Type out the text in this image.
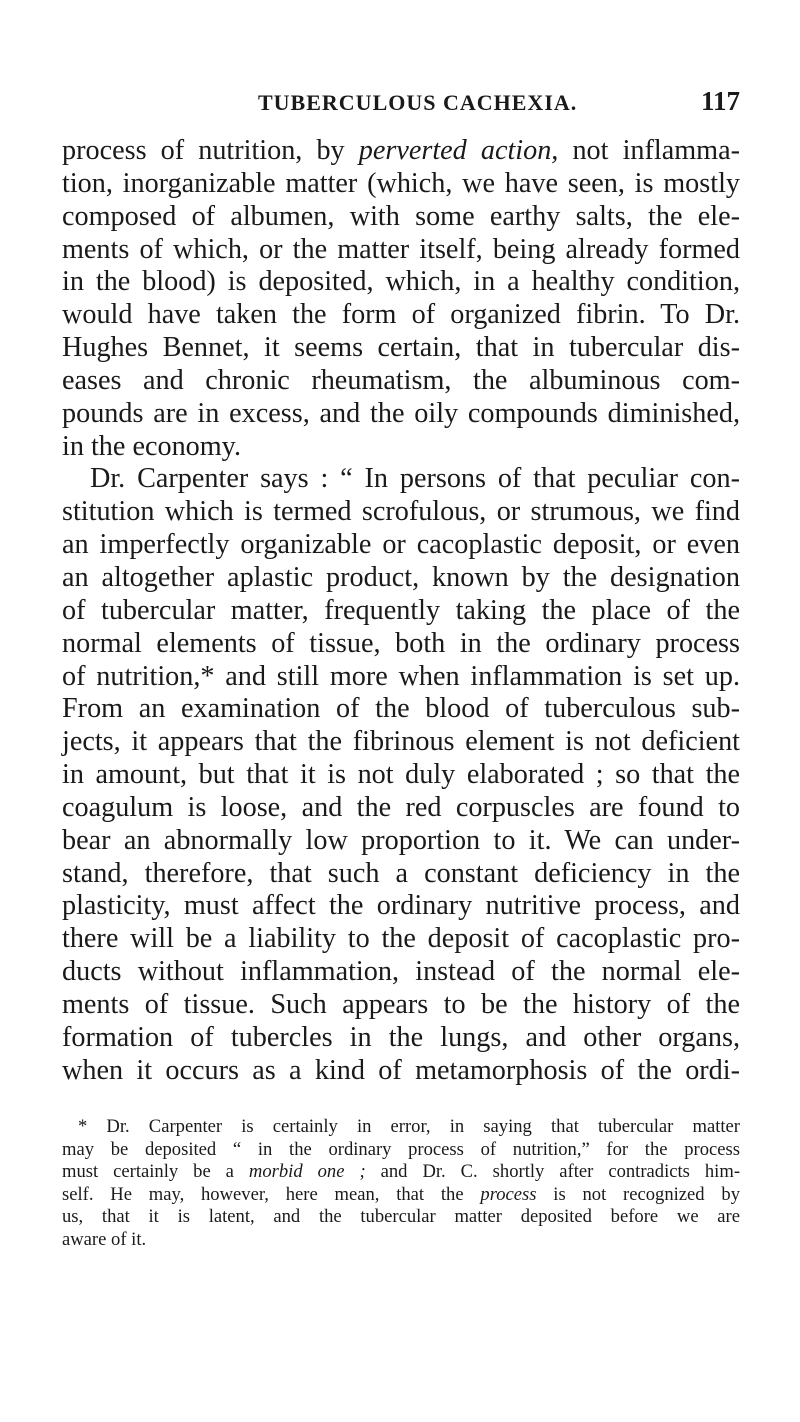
TUBERCULOUS CACHEXIA.	117
process of nutrition, by perverted action, not inflamma-
tion, inorganizable matter (which, we have seen, is mostly
composed of albumen, with some earthy salts, the ele-
ments of which, or the matter itself, being already formed
in the blood) is deposited, which, in a healthy condition,
would have taken the form of organized fibrin. To Dr.
Hughes Bennet, it seems certain, that in tubercular dis-
eases and chronic rheumatism, the albuminous com-
pounds are in excess, and the oily compounds diminished,
in the economy.
Dr. Carpenter says : “ In persons of that peculiar con-
stitution which is termed scrofulous, or strumous, we find
an imperfectly organizable or cacoplastic deposit, or even
an altogether aplastic product, known by the designation
of tubercular matter, frequently taking the place of the
normal elements of tissue, both in the ordinary process
of nutrition,* and still more when inflammation is set up.
From an examination of the blood of tuberculous sub-
jects, it appears that the fibrinous element is not deficient
in amount, but that it is not duly elaborated ; so that the
coagulum is loose, and the red corpuscles are found to
bear an abnormally low proportion to it. We can under-
stand, therefore, that such a constant deficiency in the
plasticity, must affect the ordinary nutritive process, and
there will be a liability to the deposit of cacoplastic pro-
ducts without inflammation, instead of the normal ele-
ments of tissue. Such appears to be the history of the
formation of tubercles in the lungs, and other organs,
when it occurs as a kind of metamorphosis of the ordi-
* Dr. Carpenter is certainly in error, in saying that tubercular matter
may be deposited “ in the ordinary process of nutrition,” for the process
must certainly be a morbid one ; and Dr. C. shortly after contradicts him-
self. He may, however, here mean, that the process is not recognized by
us, that it is latent, and the tubercular matter deposited before we are
aware of it.
